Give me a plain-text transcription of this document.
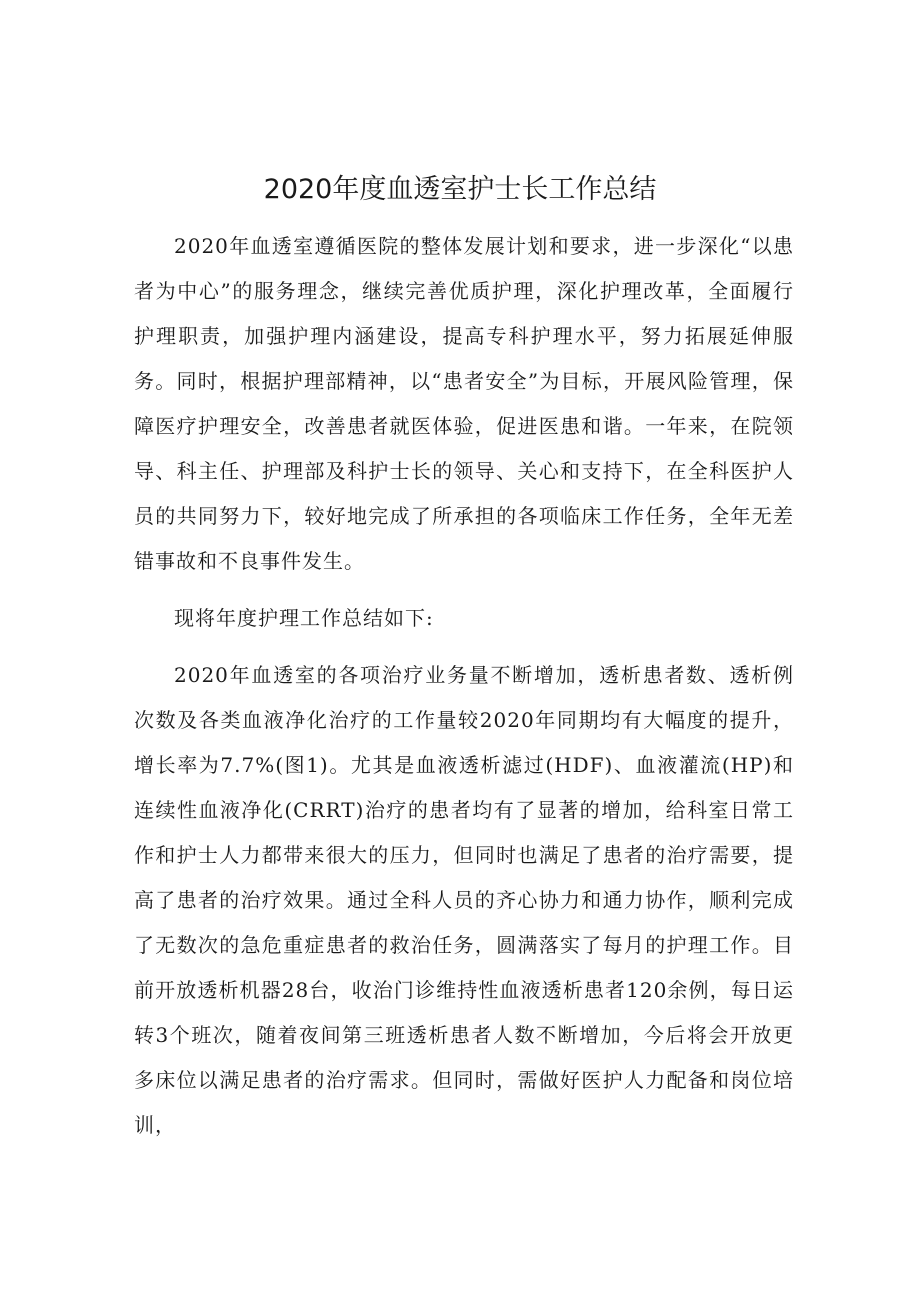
2020年度血透室护士长工作总结

2020年血透室遵循医院的整体发展计划和要求，进一步深化“以患者为中心”的服务理念，继续完善优质护理，深化护理改革，全面履行护理职责，加强护理内涵建设，提高专科护理水平，努力拓展延伸服务。同时，根据护理部精神，以“患者安全”为目标，开展风险管理，保障医疗护理安全，改善患者就医体验，促进医患和谐。一年来，在院领导、科主任、护理部及科护士长的领导、关心和支持下，在全科医护人员的共同努力下，较好地完成了所承担的各项临床工作任务，全年无差错事故和不良事件发生。

现将年度护理工作总结如下:

2020年血透室的各项治疗业务量不断增加，透析患者数、透析例次数及各类血液净化治疗的工作量较2020年同期均有大幅度的提升，增长率为7.7%(图1)。尤其是血液透析滤过(HDF)、血液灌流(HP)和连续性血液净化(CRRT)治疗的患者均有了显著的增加，给科室日常工作和护士人力都带来很大的压力，但同时也满足了患者的治疗需要，提高了患者的治疗效果。通过全科人员的齐心协力和通力协作，顺利完成了无数次的急危重症患者的救治任务，圆满落实了每月的护理工作。目前开放透析机器28台，收治门诊维持性血液透析患者120余例，每日运转3个班次，随着夜间第三班透析患者人数不断增加，今后将会开放更多床位以满足患者的治疗需求。但同时，需做好医护人力配备和岗位培训，
